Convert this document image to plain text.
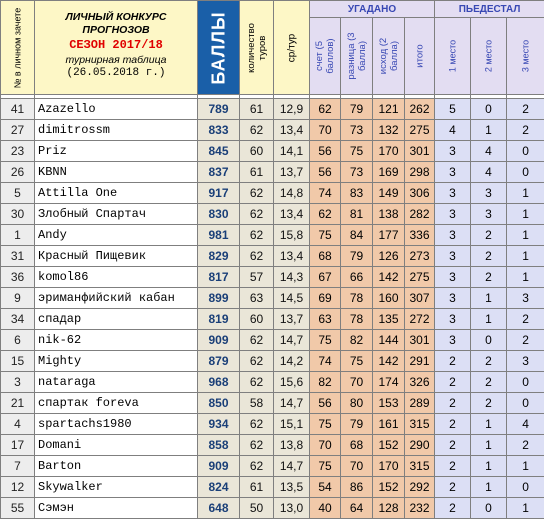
№ в личном зачете	ЛИЧНЫЙ КОНКУРС
ПРОГНОЗОВ
СЕЗОН 2017/18
турнирная таблица
(26.05.2018 г.)	БАЛЛЫ	количество туров	ср/тур	УГАДАНО				ПЬЕДЕСТАЛ		

					счет (5 баллов)	разница (3 балла)	исход (2 балла)	итого	1 место	2 место	3 место

41	Azazello	789	61	12,9	62	79	121	262	5	0	2
27	dimitrossm	833	62	13,4	70	73	132	275	4	1	2
23	Priz	845	60	14,1	56	75	170	301	3	4	0
26	KBNN	837	61	13,7	56	73	169	298	3	4	0
5	Attilla One	917	62	14,8	74	83	149	306	3	3	1
30	Злобный Спартач	830	62	13,4	62	81	138	282	3	3	1
1	Andy	981	62	15,8	75	84	177	336	3	2	1
31	Красный Пищевик	829	62	13,4	68	79	126	273	3	2	1
36	komol86	817	57	14,3	67	66	142	275	3	2	1
9	эриманфийский кабан	899	63	14,5	69	78	160	307	3	1	3
34	спадар	819	60	13,7	63	78	135	272	3	1	2
6	nik-62	909	62	14,7	75	82	144	301	3	0	2
15	Mighty	879	62	14,2	74	75	142	291	2	2	3
3	nataraga	968	62	15,6	82	70	174	326	2	2	0
21	спартак foreva	850	58	14,7	56	80	153	289	2	2	0
4	spartachs1980	934	62	15,1	75	79	161	315	2	1	4
17	Domani	858	62	13,8	70	68	152	290	2	1	2
7	Barton	909	62	14,7	75	70	170	315	2	1	1
12	Skywalker	824	61	13,5	54	86	152	292	2	1	0
55	Сэмэн	648	50	13,0	40	64	128	232	2	0	1
